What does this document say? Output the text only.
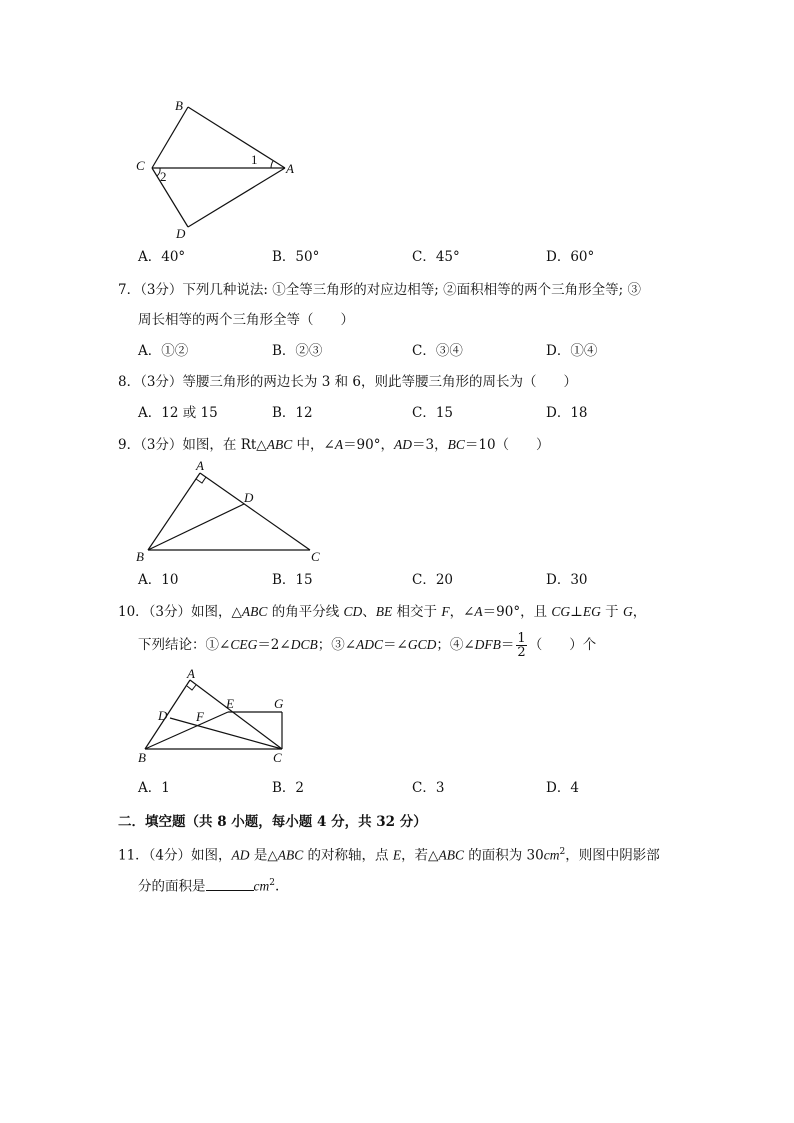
B
C	A
D
1
2
A．40°	B．50°	C．45°	D．60°
7．（3分）下列几种说法: ①全等三角形的对应边相等; ②面积相等的两个三角形全等; ③
周长相等的两个三角形全等（　　）
A．①②	B．②③	C．③④	D．①④
8．（3分）等腰三角形的两边长为 3 和 6，则此等腰三角形的周长为（　　）
A．12 或 15	B．12	C．15	D．18
9．（3分）如图，在 Rt△ABC 中，∠A＝90°，AD＝3，BC＝10（　　）
A
D
B	C
A．10	B．15	C．20	D．30
10．（3分）如图，△ABC 的角平分线 CD、BE 相交于 F，∠A＝90°，且 CG⊥EG 于 G，
下列结论：①∠CEG＝2∠DCB；③∠ADC＝∠GCD；④∠DFB＝ $\frac{1}{2}$ （　　）个
A
D
E	G
F
B	C
A．1	B．2	C．3	D．4
二．填空题（共 8 小题，每小题 4 分，共 32 分）
11．（4分）如图，AD 是△ABC 的对称轴，点 E，若△ABC 的面积为 $30cm^2$，则图中阴影部
分的面积是	$cm^2$.
